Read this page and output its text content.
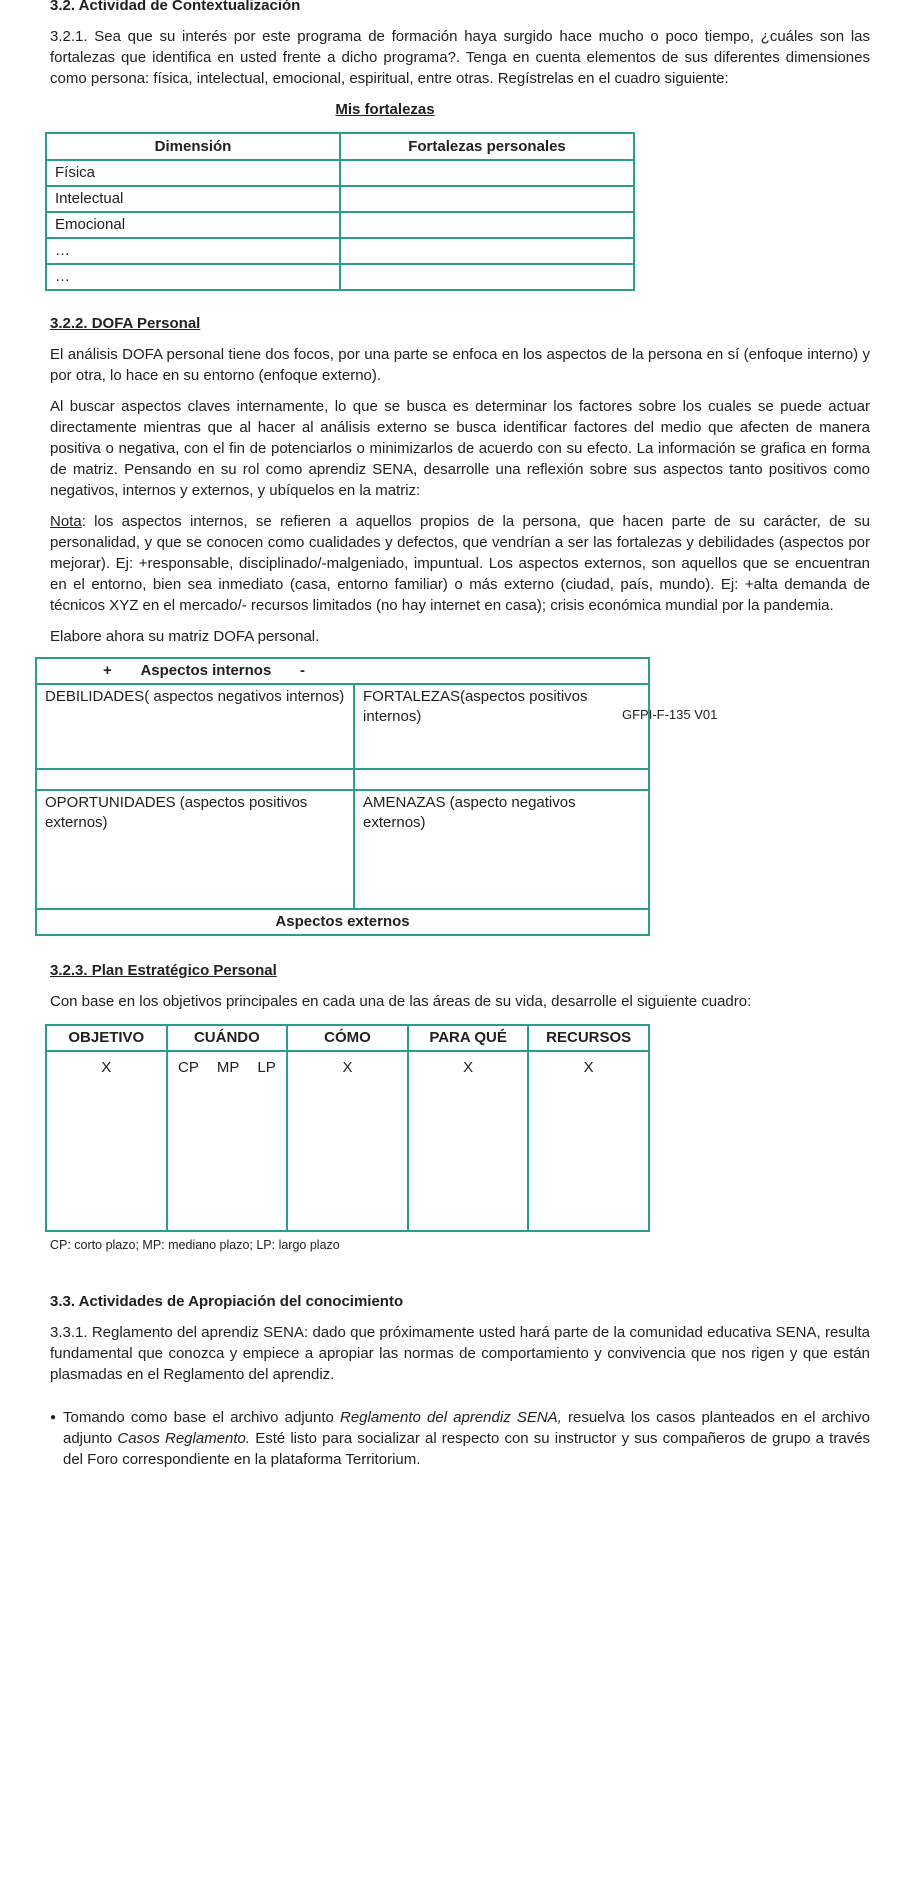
3.2. Actividad de Contextualización

3.2.1. Sea que su interés por este programa de formación haya surgido hace mucho o poco tiempo, ¿cuáles son las fortalezas que identifica en usted frente a dicho programa?. Tenga en cuenta elementos de sus diferentes dimensiones como persona: física, intelectual, emocional, espiritual, entre otras. Regístrelas en el cuadro siguiente:

Mis fortalezas
Dimensión	Fortalezas personales
Física	
Intelectual	
Emocional	
…	
…	
3.2.2. DOFA Personal

El análisis DOFA personal tiene dos focos, por una parte se enfoca en los aspectos de la persona en sí (enfoque interno) y por otra, lo hace en su entorno (enfoque externo).

Al buscar aspectos claves internamente, lo que se busca es determinar los factores sobre los cuales se puede actuar directamente mientras que al hacer al análisis externo se busca identificar factores del medio que afecten de manera positiva o negativa, con el fin de potenciarlos o minimizarlos de acuerdo con su efecto. La información se grafica en forma de matriz. Pensando en su rol como aprendiz SENA, desarrolle una reflexión sobre sus aspectos tanto positivos como negativos, internos y externos, y ubíquelos en la matriz:

Nota: los aspectos internos, se refieren a aquellos propios de la persona, que hacen parte de su carácter, de su personalidad, y que se conocen como cualidades y defectos, que vendrían a ser las fortalezas y debilidades (aspectos por mejorar). Ej: +responsable, disciplinado/-malgeniado, impuntual. Los aspectos externos, son aquellos que se encuentran en el entorno, bien sea inmediato (casa, entorno familiar) o más externo (ciudad, país, mundo). Ej: +alta demanda de técnicos XYZ en el mercado/- recursos limitados (no hay internet en casa); crisis económica mundial por la pandemia.

Elabore ahora su matriz DOFA personal.

+ Aspectos internos -	

DEBILIDADES( aspectos negativos internos)	FORTALEZAS(aspectos positivos internos)

OPORTUNIDADES (aspectos positivos externos)	AMENAZAS (aspecto negativos externos)
Aspectos externos	
GFPI-F-135 V01
3.2.3. Plan Estratégico Personal

Con base en los objetivos principales en cada una de las áreas de su vida, desarrolle el siguiente cuadro:

OBJETIVO	CUÁNDO	CÓMO	PARA QUÉ	RECURSOS
X	CP MP LP	X	X	X
CP: corto plazo; MP: mediano plazo; LP: largo plazo
3.3. Actividades de Apropiación del conocimiento

3.3.1. Reglamento del aprendiz SENA: dado que próximamente usted hará parte de la comunidad educativa SENA, resulta fundamental que conozca y empiece a apropiar las normas de comportamiento y convivencia que nos rigen y que están plasmadas en el Reglamento del aprendiz.

● Tomando como base el archivo adjunto Reglamento del aprendiz SENA, resuelva los casos planteados en el archivo adjunto Casos Reglamento. Esté listo para socializar al respecto con su instructor y sus compañeros de grupo a través del Foro correspondiente en la plataforma Territorium.
